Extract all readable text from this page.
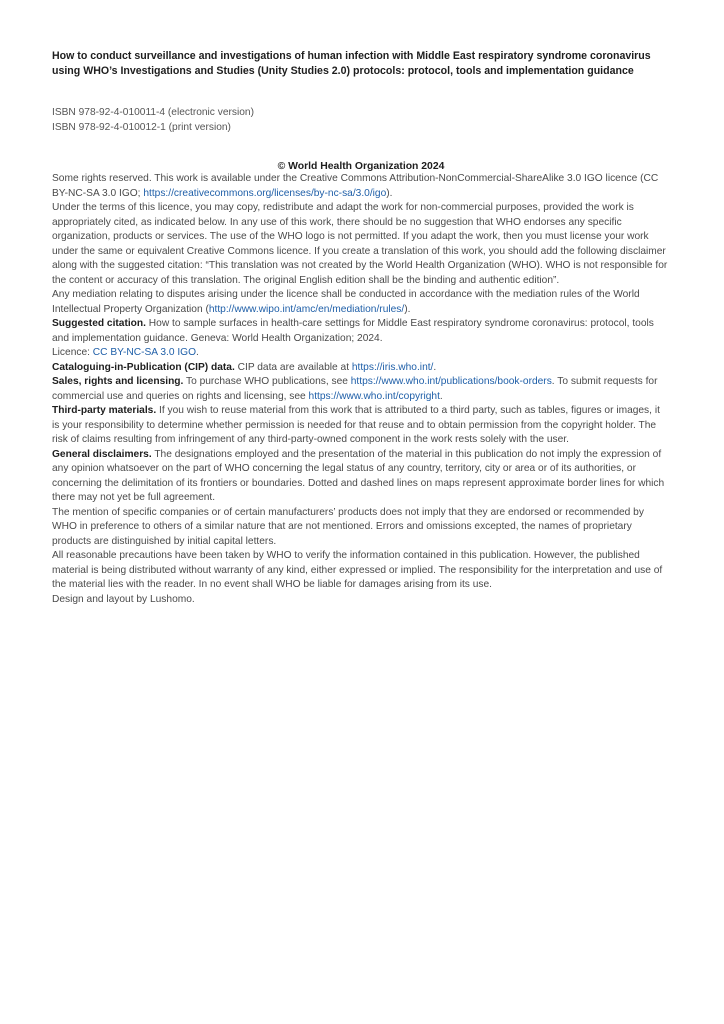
How to conduct surveillance and investigations of human infection with Middle East respiratory syndrome coronavirus using WHO’s Investigations and Studies (Unity Studies 2.0) protocols: protocol, tools and implementation guidance

ISBN 978-92-4-010011-4 (electronic version)
ISBN 978-92-4-010012-1 (print version)
© World Health Organization 2024

Some rights reserved. This work is available under the Creative Commons Attribution-NonCommercial-ShareAlike 3.0 IGO licence (CC BY-NC-SA 3.0 IGO; https://creativecommons.org/licenses/by-nc-sa/3.0/igo).

Under the terms of this licence, you may copy, redistribute and adapt the work for non-commercial purposes, provided the work is appropriately cited, as indicated below. In any use of this work, there should be no suggestion that WHO endorses any specific organization, products or services. The use of the WHO logo is not permitted. If you adapt the work, then you must license your work under the same or equivalent Creative Commons licence. If you create a translation of this work, you should add the following disclaimer along with the suggested citation: “This translation was not created by the World Health Organization (WHO). WHO is not responsible for the content or accuracy of this translation. The original English edition shall be the binding and authentic edition”.

Any mediation relating to disputes arising under the licence shall be conducted in accordance with the mediation rules of the World Intellectual Property Organization (http://www.wipo.int/amc/en/mediation/rules/).

Suggested citation. How to sample surfaces in health-care settings for Middle East respiratory syndrome coronavirus: protocol, tools and implementation guidance. Geneva: World Health Organization; 2024.
Licence: CC BY-NC-SA 3.0 IGO.

Cataloguing-in-Publication (CIP) data. CIP data are available at https://iris.who.int/.

Sales, rights and licensing. To purchase WHO publications, see https://www.who.int/publications/book-orders. To submit requests for commercial use and queries on rights and licensing, see https://www.who.int/copyright.

Third-party materials. If you wish to reuse material from this work that is attributed to a third party, such as tables, figures or images, it is your responsibility to determine whether permission is needed for that reuse and to obtain permission from the copyright holder. The risk of claims resulting from infringement of any third-party-owned component in the work rests solely with the user.

General disclaimers. The designations employed and the presentation of the material in this publication do not imply the expression of any opinion whatsoever on the part of WHO concerning the legal status of any country, territory, city or area or of its authorities, or concerning the delimitation of its frontiers or boundaries. Dotted and dashed lines on maps represent approximate border lines for which there may not yet be full agreement.

The mention of specific companies or of certain manufacturers’ products does not imply that they are endorsed or recommended by WHO in preference to others of a similar nature that are not mentioned. Errors and omissions excepted, the names of proprietary products are distinguished by initial capital letters.

All reasonable precautions have been taken by WHO to verify the information contained in this publication. However, the published material is being distributed without warranty of any kind, either expressed or implied. The responsibility for the interpretation and use of the material lies with the reader. In no event shall WHO be liable for damages arising from its use.

Design and layout by Lushomo.
